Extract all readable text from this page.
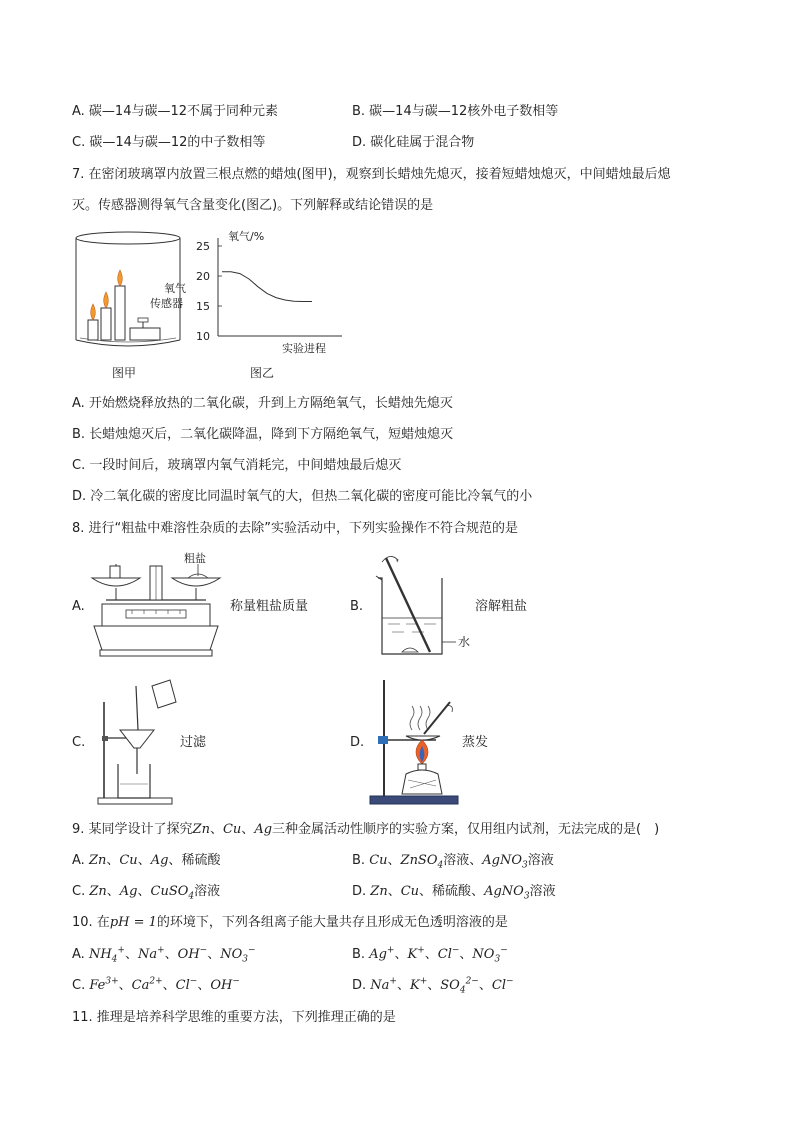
A. 碳—14与碳—12不属于同种元素	B. 碳—14与碳—12核外电子数相等
C. 碳—14与碳—12的中子数相等	D. 碳化硅属于混合物
7. 在密闭玻璃罩内放置三根点燃的蜡烛(图甲)，观察到长蜡烛先熄灭，接着短蜡烛熄灭，中间蜡烛最后熄
灭。传感器测得氧气含量变化(图乙)。下列解释或结论错误的是
氧气
传感器
图甲
25
20
15
10
氧气/%
实验进程
图乙
A. 开始燃烧释放热的二氧化碳，升到上方隔绝氧气，长蜡烛先熄灭
B. 长蜡烛熄灭后，二氧化碳降温，降到下方隔绝氧气，短蜡烛熄灭
C. 一段时间后，玻璃罩内氧气消耗完，中间蜡烛最后熄灭
D. 冷二氧化碳的密度比同温时氧气的大，但热二氧化碳的密度可能比冷氧气的小
8. 进行“粗盐中难溶性杂质的去除”实验活动中，下列实验操作不符合规范的是
A.
粗盐
称量粗盐质量	B.
水
溶解粗盐
C.	过滤	D.	蒸发
9. 某同学设计了探究Zn、Cu、Ag三种金属活动性顺序的实验方案，仅用组内试剂，无法完成的是(　)
A. Zn、Cu、Ag、稀硫酸	B. Cu、ZnSO$_4$溶液、AgNO$_3$溶液
C. Zn、Ag、CuSO$_4$溶液	D. Zn、Cu、稀硫酸、AgNO$_3$溶液
10. 在pH = 1的环境下，下列各组离子能大量共存且形成无色透明溶液的是
A. $NH_4^+$、Na+、OH−、$NO_3^-$	B. Ag+、K+、Cl−、$NO_3^-$
C. $Fe^{3+}$、$Ca^{2+}$、Cl−、OH−	D. Na+、K+、$SO_4^{2-}$、Cl−
11. 推理是培养科学思维的重要方法，下列推理正确的是
